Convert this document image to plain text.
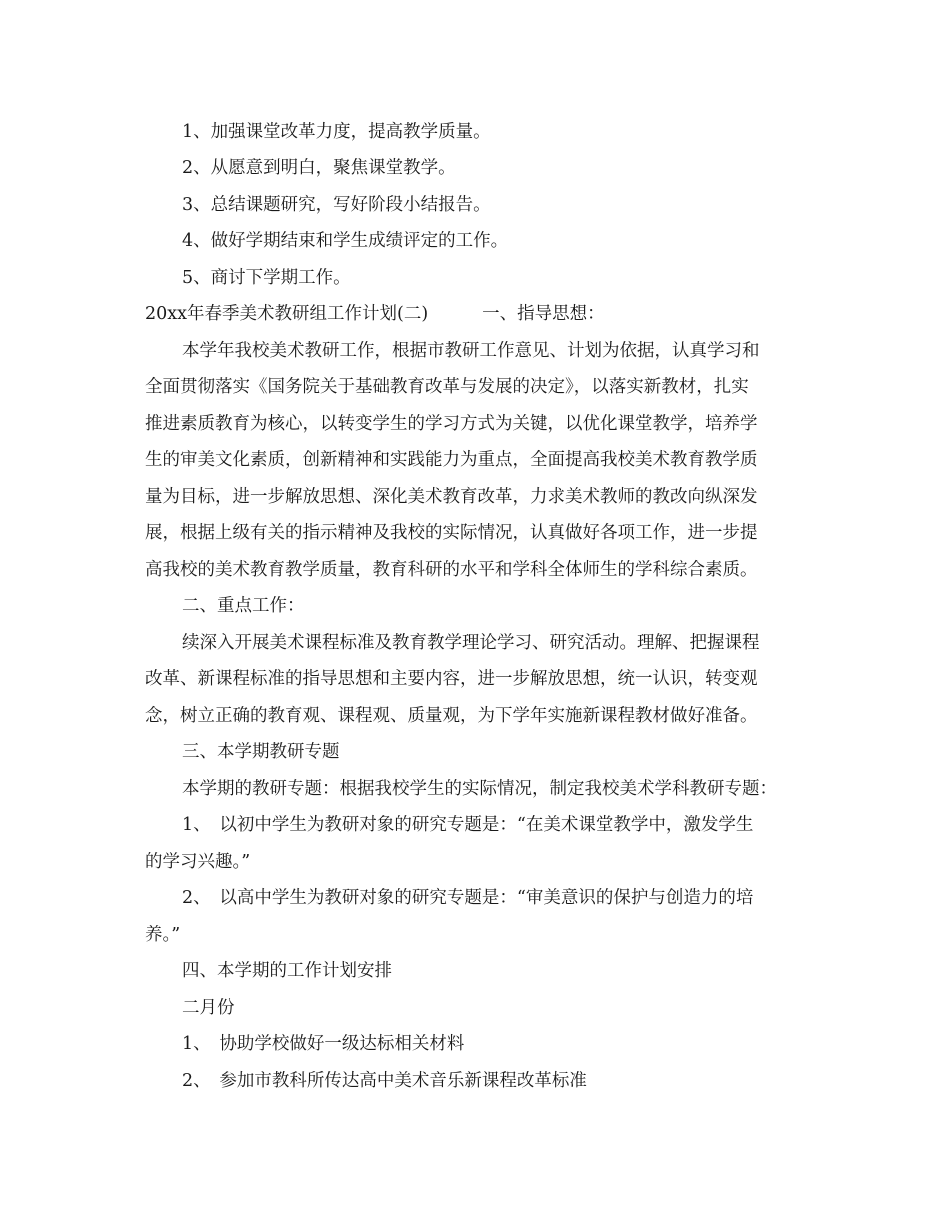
1、加强课堂改革力度，提高教学质量。
2、从愿意到明白，聚焦课堂教学。
3、总结课题研究，写好阶段小结报告。
4、做好学期结束和学生成绩评定的工作。
5、商讨下学期工作。
20xx年春季美术教研组工作计划(二)	一、指导思想：
本学年我校美术教研工作，根据市教研工作意见、计划为依据，认真学习和
全面贯彻落实《国务院关于基础教育改革与发展的决定》，以落实新教材，扎实
推进素质教育为核心，以转变学生的学习方式为关键，以优化课堂教学，培养学
生的审美文化素质，创新精神和实践能力为重点，全面提高我校美术教育教学质
量为目标，进一步解放思想、深化美术教育改革，力求美术教师的教改向纵深发
展，根据上级有关的指示精神及我校的实际情况，认真做好各项工作，进一步提
高我校的美术教育教学质量，教育科研的水平和学科全体师生的学科综合素质。
二、重点工作：
续深入开展美术课程标准及教育教学理论学习、研究活动。理解、把握课程
改革、新课程标准的指导思想和主要内容，进一步解放思想，统一认识，转变观
念，树立正确的教育观、课程观、质量观，为下学年实施新课程教材做好准备。
三、本学期教研专题
本学期的教研专题：根据我校学生的实际情况，制定我校美术学科教研专题：
1、　以初中学生为教研对象的研究专题是：“在美术课堂教学中，激发学生
的学习兴趣。”
2、　以高中学生为教研对象的研究专题是：“审美意识的保护与创造力的培
养。”
四、本学期的工作计划安排
二月份
1、　协助学校做好一级达标相关材料
2、　参加市教科所传达高中美术音乐新课程改革标准
